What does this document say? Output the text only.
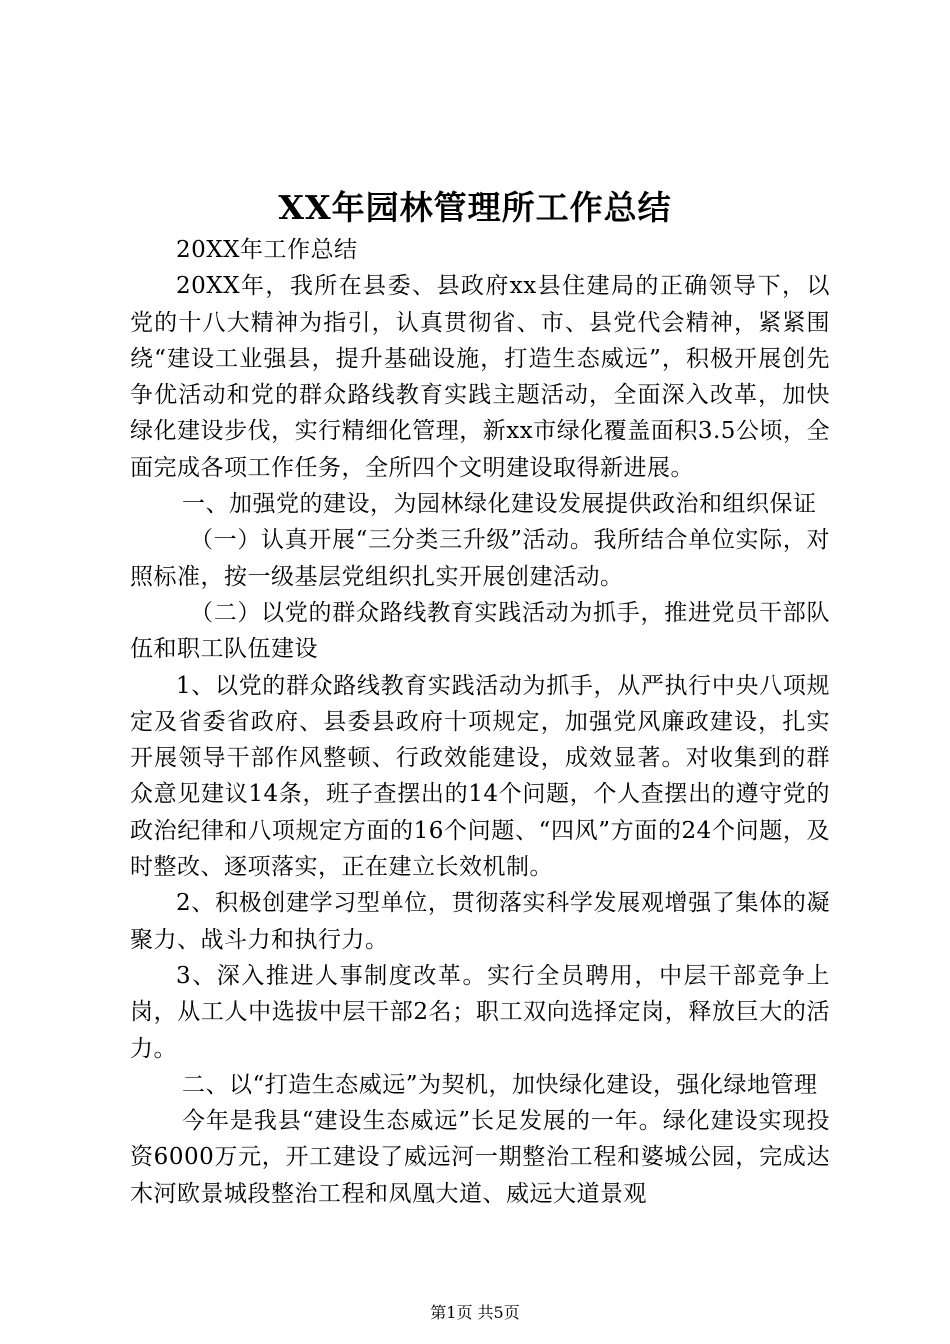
XX年园林管理所工作总结

20XX年工作总结

20XX年，我所在县委、县政府xx县住建局的正确领导下，以党的十八大精神为指引，认真贯彻省、市、县党代会精神，紧紧围绕“建设工业强县，提升基础设施，打造生态威远”，积极开展创先争优活动和党的群众路线教育实践主题活动，全面深入改革，加快绿化建设步伐，实行精细化管理，新xx市绿化覆盖面积3.5公顷，全面完成各项工作任务，全所四个文明建设取得新进展。

一、加强党的建设，为园林绿化建设发展提供政治和组织保证

（一）认真开展“三分类三升级”活动。我所结合单位实际，对照标准，按一级基层党组织扎实开展创建活动。

（二）以党的群众路线教育实践活动为抓手，推进党员干部队伍和职工队伍建设

1、以党的群众路线教育实践活动为抓手，从严执行中央八项规定及省委省政府、县委县政府十项规定，加强党风廉政建设，扎实开展领导干部作风整顿、行政效能建设，成效显著。对收集到的群众意见建议14条，班子查摆出的14个问题，个人查摆出的遵守党的政治纪律和八项规定方面的16个问题、“四风”方面的24个问题，及时整改、逐项落实，正在建立长效机制。

2、积极创建学习型单位，贯彻落实科学发展观增强了集体的凝聚力、战斗力和执行力。

3、深入推进人事制度改革。实行全员聘用，中层干部竞争上岗，从工人中选拔中层干部2名；职工双向选择定岗，释放巨大的活力。

二、以“打造生态威远”为契机，加快绿化建设，强化绿地管理

今年是我县“建设生态威远”长足发展的一年。绿化建设实现投资6000万元，开工建设了威远河一期整治工程和婆城公园，完成达木河欧景城段整治工程和凤凰大道、威远大道景观

第1页 共5页
